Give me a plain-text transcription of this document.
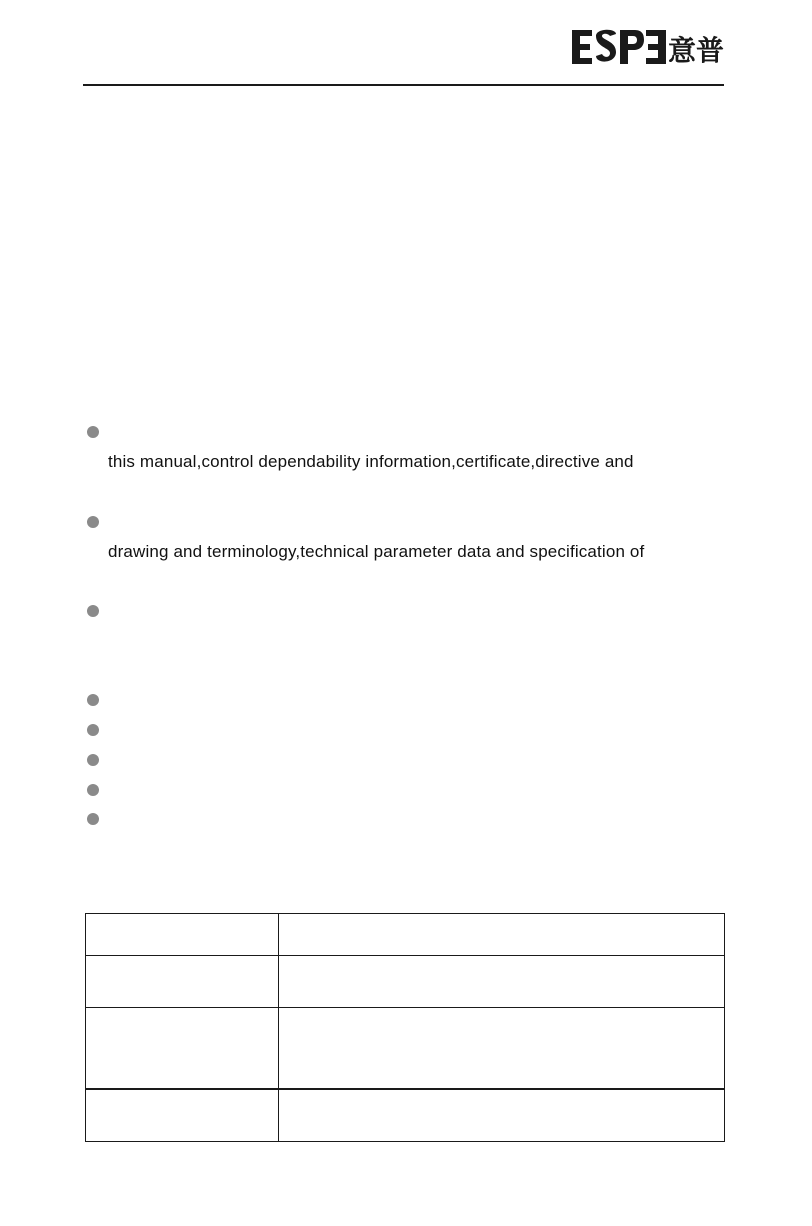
意普
this manual,control dependability information,certificate,directive and
drawing and terminology,technical parameter data and specification of
